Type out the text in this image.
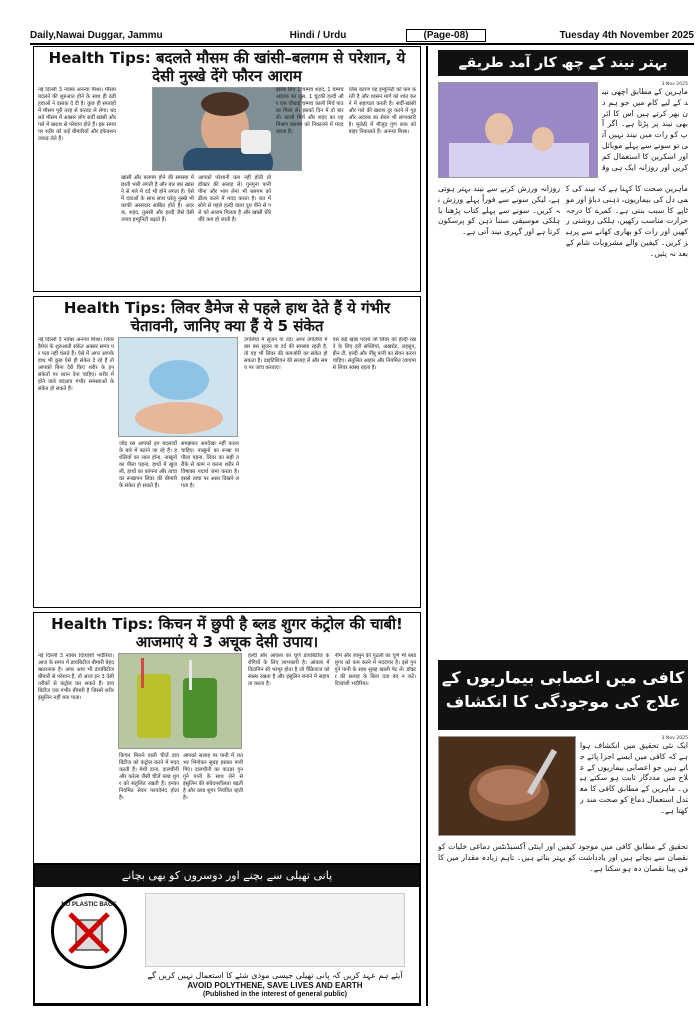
Daily,Nawai Duggar, Jammu	Hindi / Urdu	(Page-08)	Tuesday 4th November 2025
Health Tips: बदलते मौसम की खांसी–बलगम से परेशान, ये देसी नुस्खे देंगे फौरन आराम
नई दिल्ली 3 नवंबर अनन्या मिश्रा। मौसम बदलने की शुरुआत होने के साथ ही ठंडी हवाओं ने दस्तक दे दी है। कुछ ही सप्ताहों में मौसम पूरी तरह से करवट ले लेगा। बदलते मौसम में अक्सर लोग सर्दी खांसी और गले में खराश से परेशान होते हैं। इस समय पर शरीर को कई बीमारियों और इंफेक्शन जकड़ लेते हैं।
खांसी और बलगम होने की समस्या में छाती भारी लगती है और बार बार खांसने से गले में दर्द भी होने लगता है। ऐसे में दवाओं के साथ साथ घरेलू नुस्खे भी काफी असरदार साबित होते हैं। अदरक, शहद, तुलसी और हल्दी जैसे देसी उपाय इम्युनिटी बढ़ाते हैं।
आपको परेशानी कम नहीं होती तो डॉक्टर की सलाह लें। गुनगुना पानी पीना और भाप लेना भी बलगम को ढीला करने में मदद करता है। रात में सोने से पहले हल्दी वाला दूध पीने से गले को आराम मिलता है और खांसी धीरे धीरे कम हो जाती है।
इसके लिए 1 चम्मच शहद, 1 चम्मच अदरक का जूस, 1 चुटकी हल्दी और एक चौथाई चम्मच काली मिर्च पाउडर मिला लें। इसको दिन में दो बार लें। काली मिर्च और शहद का यह मिश्रण बलगम को निकालने में मदद करता है।
जिस कारण यह इम्यूनिटी को कम करती है और श्वसन मार्ग को शांत करने में सहायता करती है। सर्दी-खांसी और गले की खराश दूर करने में गुड़ और अदरक का सेवन भी लाभकारी है। मुलेठी में मौजूद गुण कफ को बाहर निकालते हैं। अनन्या मिश्रा।
Health Tips: लिवर डैमेज से पहले हाथ देते हैं ये गंभीर चेतावनी, जानिए क्या हैं ये 5 संकेत
नई दिल्ली 3 नवंबर अनन्या मिश्रा। लिवर डैमेज के शुरुआती संकेत अक्सर समय पर पता नहीं चलते हैं। ऐसे में अगर आपके हाथ भी कुछ ऐसे ही संकेत दे रहे हैं तो आपको बिना देरी किए शरीर के इन संकेतों पर ध्यान देना चाहिए। शरीर में होने वाले बदलाव गंभीर समस्याओं के संकेत हो सकते हैं।
जोड़ रस आपको इन बदलावों के बारे में बताने जा रहे हैं। हथेलियों का लाल होना, नाखूनों का पीला पड़ना, हाथों में खुजली, हाथों का कांपना और त्वचा का रूखापन लिवर की बीमारी के संकेत हो सकते हैं।
समझकर अनदेखा नहीं करना चाहिए। नाखूनों का रूखा या पीला पड़ना, लिवर का सही तरीके से काम न करना शरीर में विषाक्त पदार्थ जमा करता है। इससे त्वचा पर असर दिखने लगता है।
उंगलियों में सूजन या दर्द। अगर उंगलियों में बार बार सूजन या दर्द की समस्या रहती है, तो यह भी लिवर की कमजोरी का संकेत हो सकता है। डाइटिशियन की सलाह लें और समय पर जांच करवाएं।
ऐसे कई खाद्य पदार्थ जो लिवर को हेल्दी रखने के लिए हरी सब्जियां, अखरोट, लहसुन, ग्रीन टी, हल्दी और नींबू पानी का सेवन करना चाहिए। संतुलित आहार और नियमित व्यायाम से लिवर स्वस्थ रहता है।
Health Tips: किचन में छुपी है ब्लड शुगर कंट्रोल की चाबी! आजमाएं ये 3 अचूक देसी उपाय।
नई दिल्ली 3 नवंबर दिव्यांशी भदौरिया। आज के समय में डायबिटीज बीमारी बेहद खतरनाक है। अगर आप भी डायबिटीज बीमारी से परेशान हैं, तो आज इन 3 देसी तरीकों से कंट्रोल कर सकते हैं। डायबिटीज एक गंभीर बीमारी है जिसमें शरीर इंसुलिन नहीं बना पाता।
किचन मिलने वाली चीजें डायबिटीज को कंट्रोल करने में मदद करती हैं। मेथी दाना, दालचीनी और करेला जैसी चीजें ब्लड शुगर को संतुलित रखती हैं। इनका नियमित सेवन फायदेमंद होता है।
आपको सलाह पर पानी में रात भर भिगोकर सुबह इसका पानी पिएं। दालचीनी का पाउडर गुनगुने पानी के साथ लेने से इंसुलिन की संवेदनशीलता बढ़ती है और ब्लड शुगर नियंत्रित रहती है।
हल्दी और आंवला का चूर्ण डायबिटीज के रोगियों के लिए लाभकारी है। आंवला में विटामिन सी भरपूर होता है जो पैंक्रियाज को स्वस्थ रखता है और इंसुलिन बनाने में सहायता करता है।
नीम और जामुन की गुठली का चूर्ण भी ब्लड शुगर को कम करने में मददगार है। इसे गुनगुने पानी के साथ सुबह खाली पेट लें। डॉक्टर की सलाह के बिना दवा बंद न करें। दिव्यांशी भदौरिया।
پانی تھیلی سے بچنے اور دوسروں کو بھی بچانے
NO PLASTIC BAGS
آیئے ہم عہد کریں کہ پانی تھیلی جیسی موذی شئے کا استعمال نہیں کریں گے
AVOID POLYTHENE, SAVE LIVES AND EARTH
(Published in the interest of general public)
بہتر نیند کے چھ کار آمد طریقے
3 Nov 2025
ماہرین کے مطابق اچھی نیند کے لیے کام میں جو ہم دن بھر کرتے ہیں اس کا اثر بھی نیند پر پڑتا ہے۔ اگر آپ کو رات میں نیند نہیں آتی تو سونے سے پہلے موبائل اور اسکرین کا استعمال کم کریں اور روزانہ ایک ہی وق
ماہرین صحت کا کہنا ہے کہ نیند کی کمی دل کی بیماریوں، ذہنی دباؤ اور موٹاپے کا سبب بنتی ہے۔ کمرے کا درجہ حرارت مناسب رکھیں، ہلکی روشنی رکھیں اور رات کو بھاری کھانے سے پرہیز کریں۔ کیفین والے مشروبات شام کے بعد نہ پئیں۔
روزانہ ورزش کرنے سے نیند بہتر ہوتی ہے، لیکن سونے سے فوراً پہلے ورزش نہ کریں۔ سونے سے پہلے کتاب پڑھنا یا ہلکی موسیقی سننا ذہن کو پرسکون کرتا ہے اور گہری نیند آتی ہے۔
کافی میں اعصابی بیماریوں کے علاج کی موجودگی کا انکشاف
3 Nov 2025
ایک نئی تحقیق میں انکشاف ہوا ہے کہ کافی میں ایسے اجزا پائے جاتے ہیں جو اعصابی بیماریوں کے علاج میں مددگار ثابت ہو سکتے ہیں۔ ماہرین کے مطابق کافی کا معتدل استعمال دماغ کو صحت مند رکھتا ہے۔
تحقیق کے مطابق کافی میں موجود کیفین اور اینٹی آکسیڈنٹس دماغی خلیات کو نقصان سے بچاتے ہیں اور یادداشت کو بہتر بناتے ہیں۔ تاہم زیادہ مقدار میں کافی پینا نقصان دہ ہو سکتا ہے۔
